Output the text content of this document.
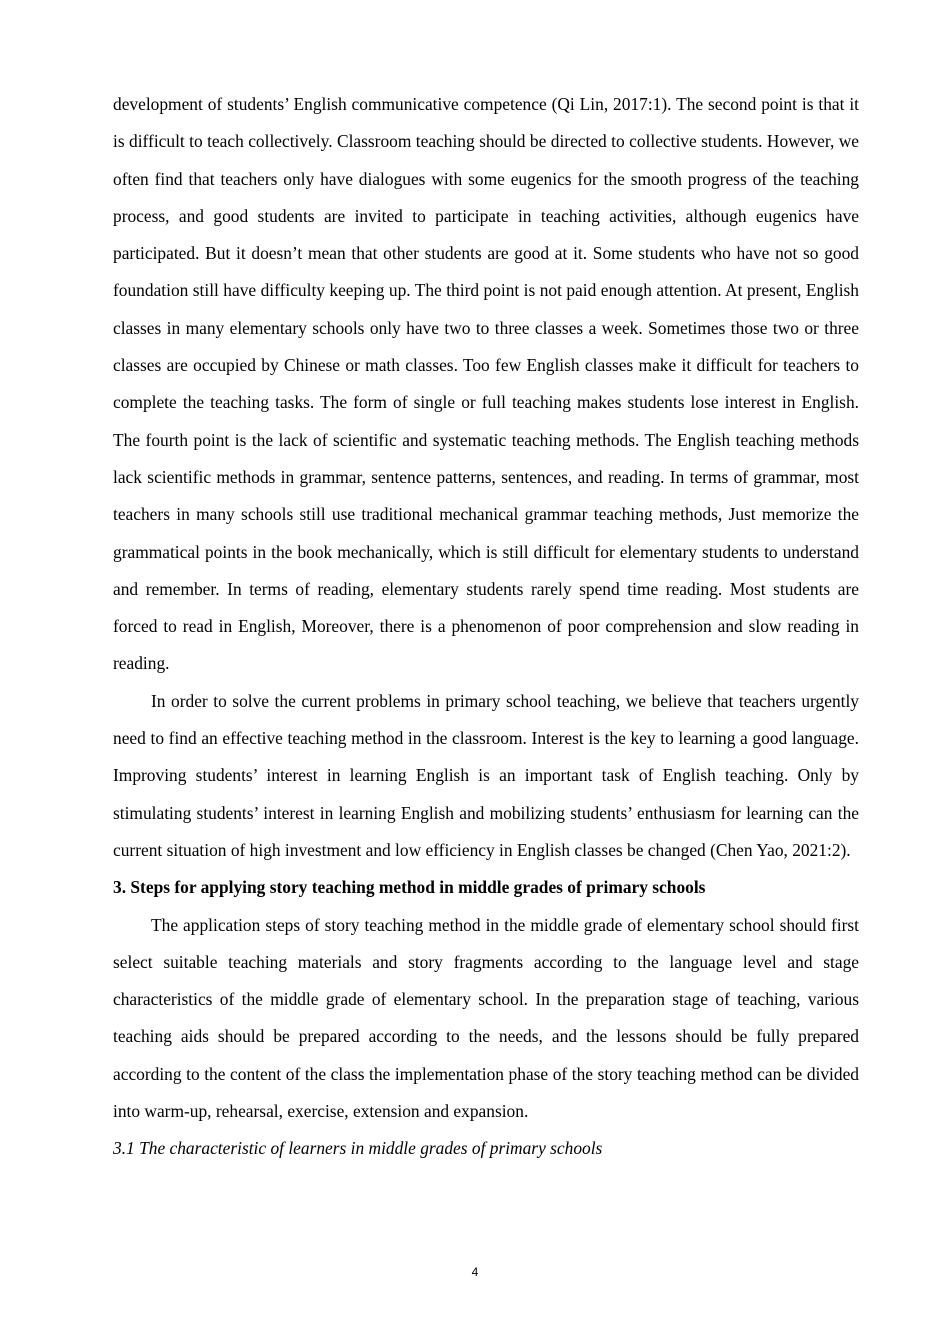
development of students’ English communicative competence (Qi Lin, 2017:1). The second point is that it is difficult to teach collectively. Classroom teaching should be directed to collective students. However, we often find that teachers only have dialogues with some eugenics for the smooth progress of the teaching process, and good students are invited to participate in teaching activities, although eugenics have participated. But it doesn’t mean that other students are good at it. Some students who have not so good foundation still have difficulty keeping up. The third point is not paid enough attention. At present, English classes in many elementary schools only have two to three classes a week. Sometimes those two or three classes are occupied by Chinese or math classes. Too few English classes make it difficult for teachers to complete the teaching tasks. The form of single or full teaching makes students lose interest in English. The fourth point is the lack of scientific and systematic teaching methods. The English teaching methods lack scientific methods in grammar, sentence patterns, sentences, and reading. In terms of grammar, most teachers in many schools still use traditional mechanical grammar teaching methods, Just memorize the grammatical points in the book mechanically, which is still difficult for elementary students to understand and remember. In terms of reading, elementary students rarely spend time reading. Most students are forced to read in English, Moreover, there is a phenomenon of poor comprehension and slow reading in reading.

In order to solve the current problems in primary school teaching, we believe that teachers urgently need to find an effective teaching method in the classroom. Interest is the key to learning a good language. Improving students’ interest in learning English is an important task of English teaching. Only by stimulating students’ interest in learning English and mobilizing students’ enthusiasm for learning can the current situation of high investment and low efficiency in English classes be changed (Chen Yao, 2021:2).

3. Steps for applying story teaching method in middle grades of primary schools

The application steps of story teaching method in the middle grade of elementary school should first select suitable teaching materials and story fragments according to the language level and stage characteristics of the middle grade of elementary school. In the preparation stage of teaching, various teaching aids should be prepared according to the needs, and the lessons should be fully prepared according to the content of the class the implementation phase of the story teaching method can be divided into warm-up, rehearsal, exercise, extension and expansion.

3.1 The characteristic of learners in middle grades of primary schools

4
